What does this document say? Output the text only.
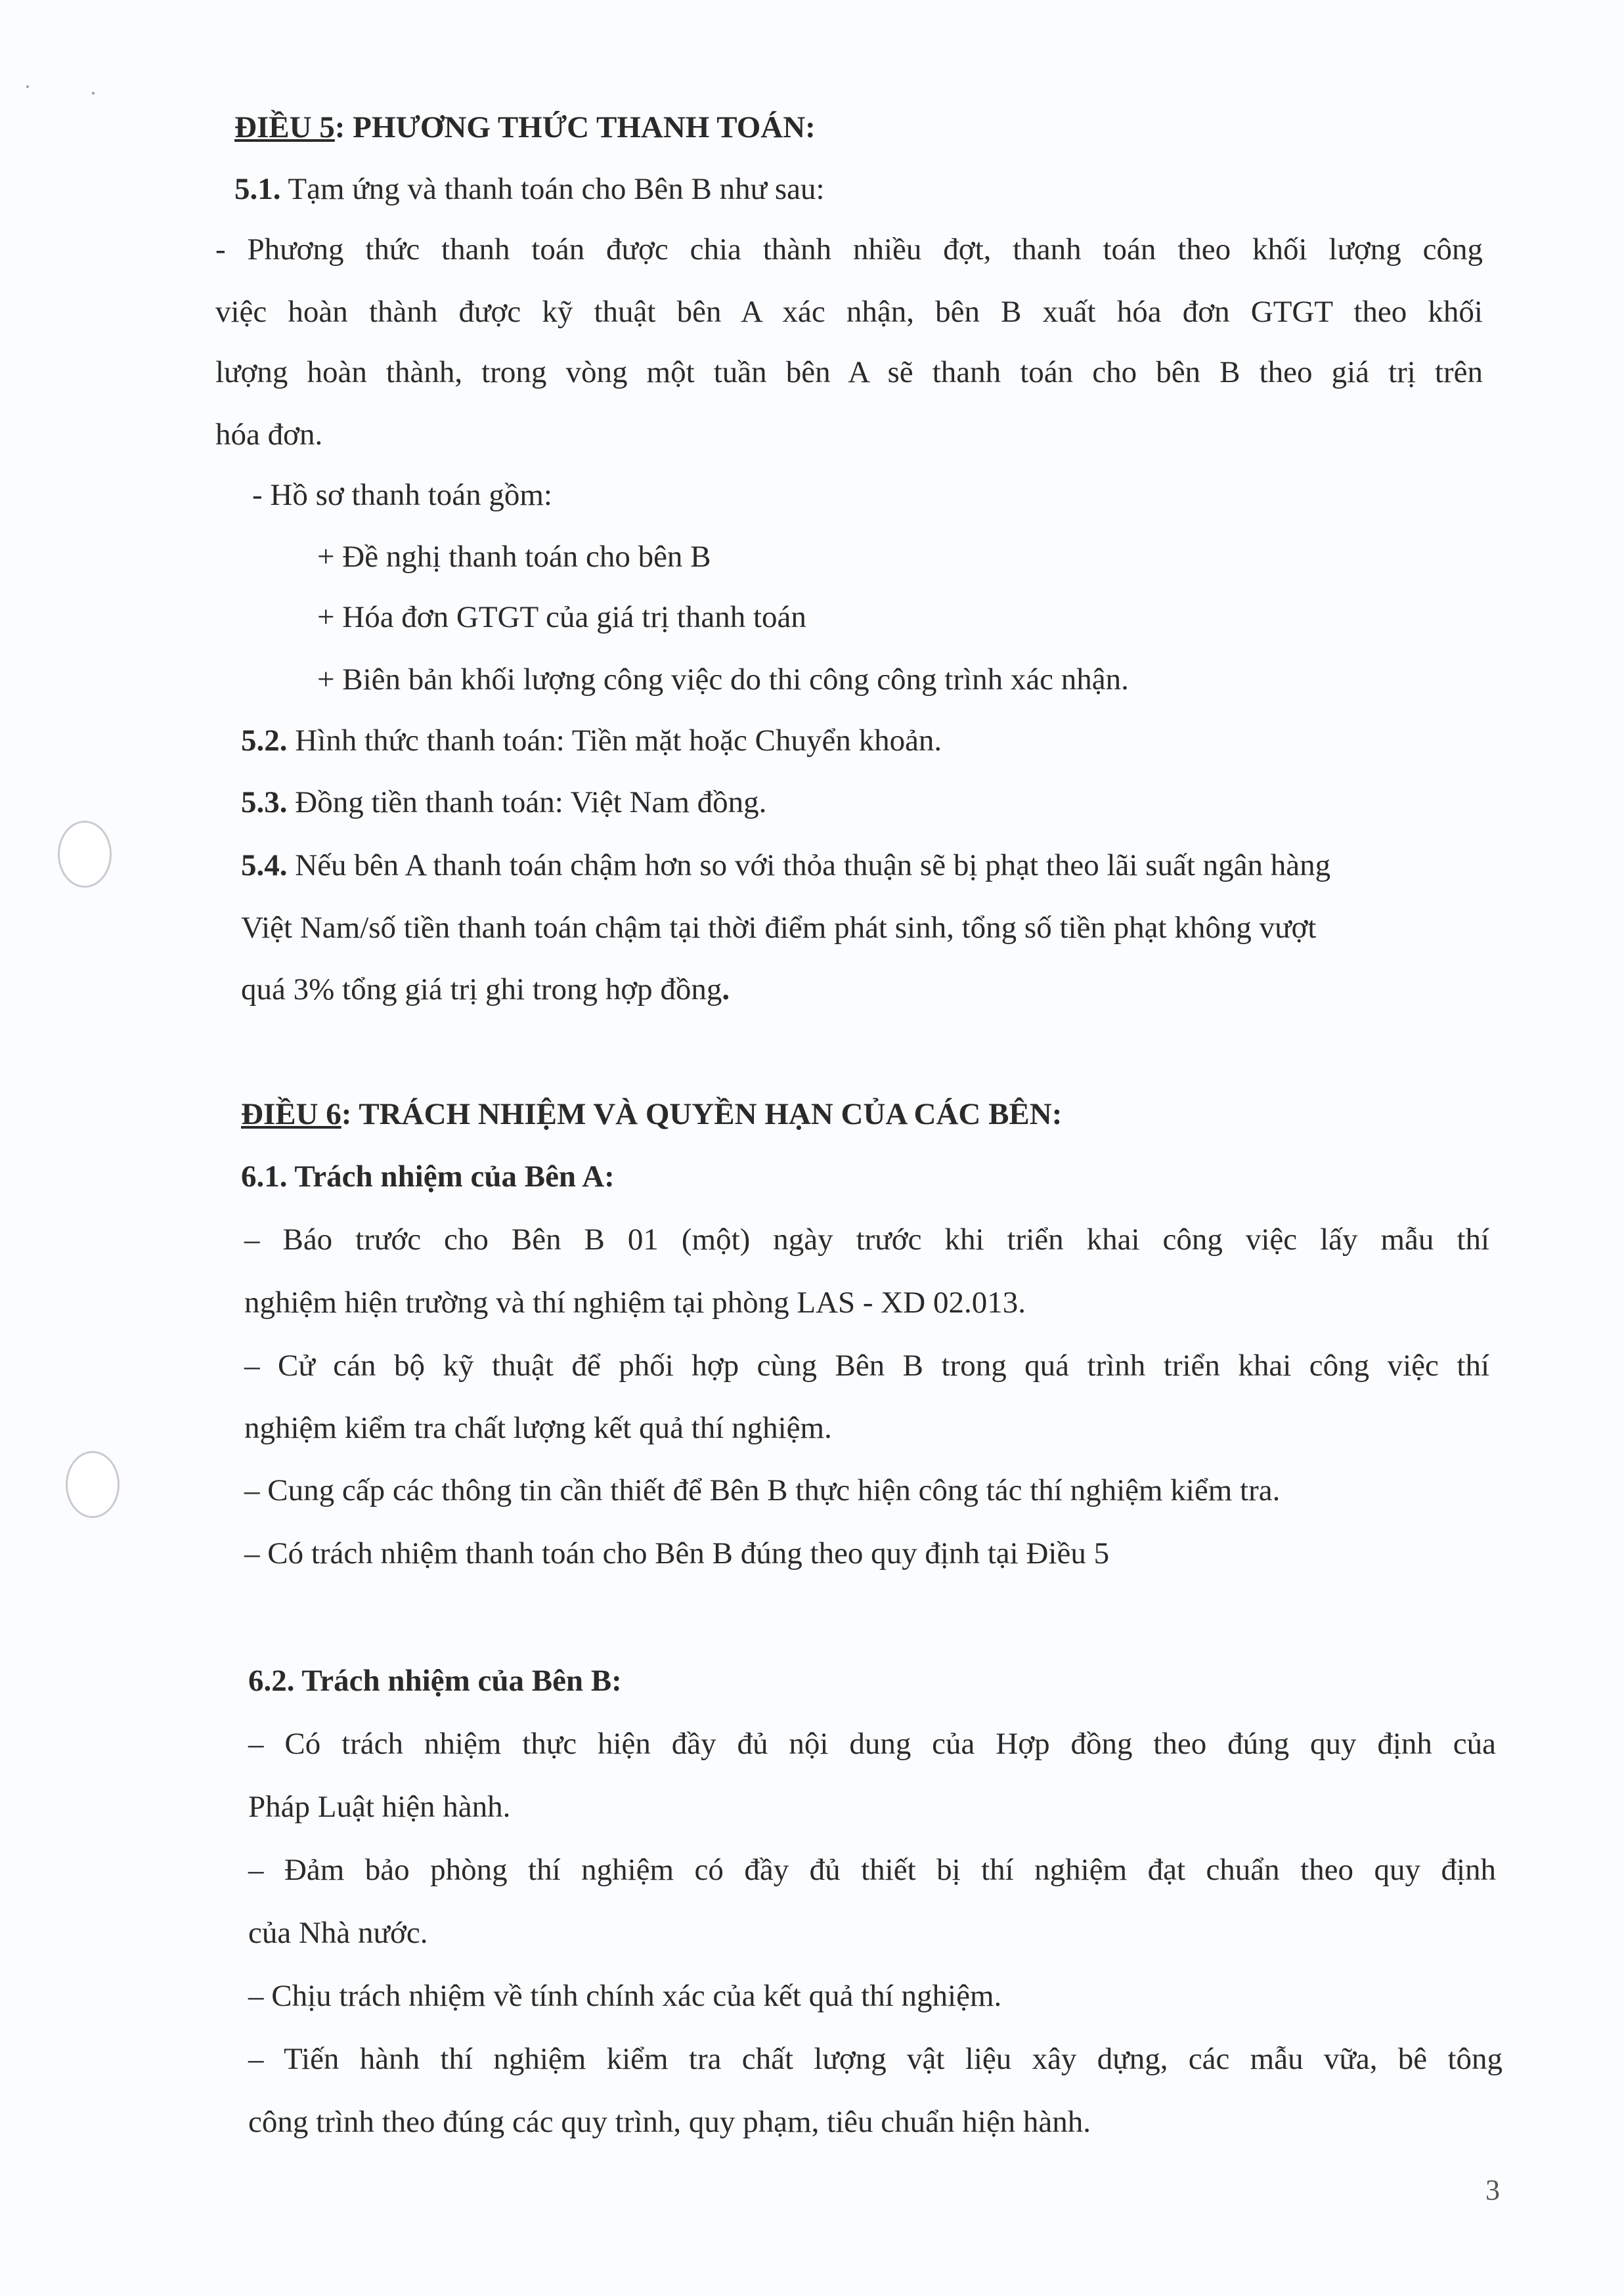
ĐIỀU 5: PHƯƠNG THỨC THANH TOÁN:
5.1. Tạm ứng và thanh toán cho Bên B như sau:
- Phương thức thanh toán được chia thành nhiều đợt, thanh toán theo khối lượng công
việc hoàn thành được kỹ thuật bên A xác nhận, bên B xuất hóa đơn GTGT theo khối
lượng hoàn thành, trong vòng một tuần bên A sẽ thanh toán cho bên B theo giá trị trên
hóa đơn.
- Hồ sơ thanh toán gồm:
+ Đề nghị thanh toán cho bên B
+ Hóa đơn GTGT của giá trị thanh toán
+ Biên bản khối lượng công việc do thi công công trình xác nhận.
5.2. Hình thức thanh toán: Tiền mặt hoặc Chuyển khoản.
5.3. Đồng tiền thanh toán: Việt Nam đồng.
5.4. Nếu bên A thanh toán chậm hơn so với thỏa thuận sẽ bị phạt theo lãi suất ngân hàng
Việt Nam/số tiền thanh toán chậm tại thời điểm phát sinh, tổng số tiền phạt không vượt
quá 3% tổng giá trị ghi trong hợp đồng.
ĐIỀU 6: TRÁCH NHIỆM VÀ QUYỀN HẠN CỦA CÁC BÊN:
6.1. Trách nhiệm của Bên A:
– Báo trước cho Bên B 01 (một) ngày trước khi triển khai công việc lấy mẫu thí
nghiệm hiện trường và thí nghiệm tại phòng LAS - XD 02.013.
– Cử cán bộ kỹ thuật để phối hợp cùng Bên B trong quá trình triển khai công việc thí
nghiệm kiểm tra chất lượng kết quả thí nghiệm.
– Cung cấp các thông tin cần thiết để Bên B thực hiện công tác thí nghiệm kiểm tra.
– Có trách nhiệm thanh toán cho Bên B đúng theo quy định tại Điều 5
6.2. Trách nhiệm của Bên B:
– Có trách nhiệm thực hiện đầy đủ nội dung của Hợp đồng theo đúng quy định của
Pháp Luật hiện hành.
– Đảm bảo phòng thí nghiệm có đầy đủ thiết bị thí nghiệm đạt chuẩn theo quy định
của Nhà nước.
– Chịu trách nhiệm về tính chính xác của kết quả thí nghiệm.
– Tiến hành thí nghiệm kiểm tra chất lượng vật liệu xây dựng, các mẫu vữa, bê tông
công trình theo đúng các quy trình, quy phạm, tiêu chuẩn hiện hành.
3
